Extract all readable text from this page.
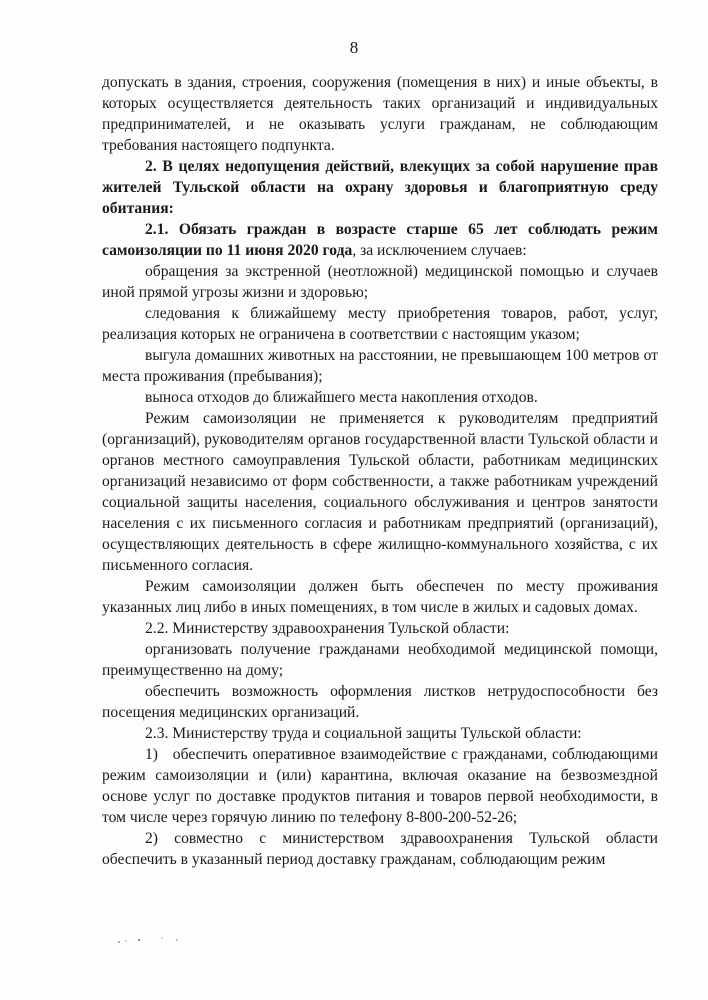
8

допускать в здания, строения, сооружения (помещения в них) и иные объекты, в которых осуществляется деятельность таких организаций и индивидуальных предпринимателей, и не оказывать услуги гражданам, не соблюдающим требования настоящего подпункта.

2. В целях недопущения действий, влекущих за собой нарушение прав жителей Тульской области на охрану здоровья и благоприятную среду обитания:

2.1. Обязать граждан в возрасте старше 65 лет соблюдать режим самоизоляции по 11 июня 2020 года, за исключением случаев:

обращения за экстренной (неотложной) медицинской помощью и случаев иной прямой угрозы жизни и здоровью;

следования к ближайшему месту приобретения товаров, работ, услуг, реализация которых не ограничена в соответствии с настоящим указом;

выгула домашних животных на расстоянии, не превышающем 100 метров от места проживания (пребывания);

выноса отходов до ближайшего места накопления отходов.

Режим самоизоляции не применяется к руководителям предприятий (организаций), руководителям органов государственной власти Тульской области и органов местного самоуправления Тульской области, работникам медицинских организаций независимо от форм собственности, а также работникам учреждений социальной защиты населения, социального обслуживания и центров занятости населения с их письменного согласия и работникам предприятий (организаций), осуществляющих деятельность в сфере жилищно-коммунального хозяйства, с их письменного согласия.

Режим самоизоляции должен быть обеспечен по месту проживания указанных лиц либо в иных помещениях, в том числе в жилых и садовых домах.

2.2. Министерству здравоохранения Тульской области:

организовать получение гражданами необходимой медицинской помощи, преимущественно на дому;

обеспечить возможность оформления листков нетрудоспособности без посещения медицинских организаций.

2.3. Министерству труда и социальной защиты Тульской области:

1)   обеспечить оперативное взаимодействие с гражданами, соблюдающими режим самоизоляции и (или) карантина, включая оказание на безвозмездной основе услуг по доставке продуктов питания и товаров первой необходимости, в том числе через горячую линию по телефону 8-800-200-52-26;

2) совместно с министерством здравоохранения Тульской области обеспечить в указанный период доставку гражданам, соблюдающим режим
